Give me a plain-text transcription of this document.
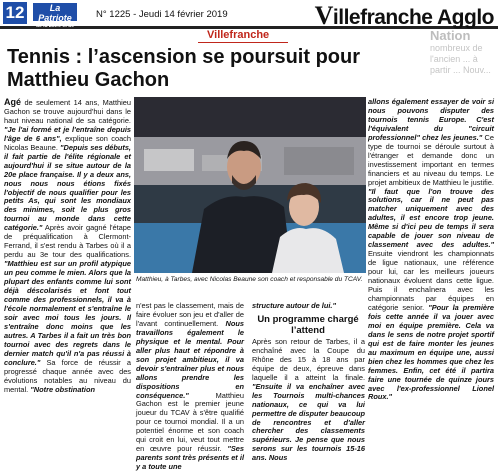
12	La Patriote
de la Loire et de l'Allier
N° 1225 - Jeudi 14 février 2019	Villefranche Agglo
Villefranche
Tennis : l’ascension se poursuit pour Matthieu Gachon
Nation
nombreux de l'ancien ... à partir ... Nouv...

Agé de seulement 14 ans, Matthieu Gachon se trouve aujourd'hui dans le haut niveau national de sa catégorie. "Je l'ai formé et je l'entraîne depuis l'âge de 6 ans", explique son coach Nicolas Beaune. "Depuis ses débuts, il fait partie de l'élite régionale et aujourd'hui il se situe autour de la 20e place française. Il y a deux ans, nous nous nous étions fixés l'objectif de nous qualifier pour les petits As, qui sont les mondiaux des minimes, soit le plus gros tournoi au monde dans cette catégorie." Après avoir gagné l'étape de préqualification à Clermont-Ferrand, il s'est rendu à Tarbes où il a perdu au 3e tour des qualifications. "Matthieu est sur un profil atypique un peu comme le mien. Alors que la plupart des enfants comme lui sont déjà déscolarisés et font tout comme des professionnels, il va à l'école normalement et s'entraîne le soir avec moi tous les jours. Il s'entraîne donc moins que les autres. A Tarbes il a fait un très bon tournoi avec des regrets dans le dernier match qu'il n'a pas réussi à conclure." Sa force de réussir a progressé chaque année avec des évolutions notables au niveau du mental. "Notre obstination

Matthieu, à Tarbes, avec Nicolas Beaune son coach et responsable du TCAV.

n'est pas le classement, mais de faire évoluer son jeu et d'aller de l'avant continuellement. Nous travaillons également le physique et le mental. Pour aller plus haut et répondre à son projet ambitieux, il va devoir s'entraîner plus et nous allons prendre les dispositions en conséquence." Matthieu Gachon est le premier jeune joueur du TCAV à s'être qualifié pour ce tournoi mondial. Il a un potentiel énorme et son coach qui croit en lui, veut tout mettre en œuvre pour réussir. "Ses parents sont très présents et il y a toute une

structure autour de lui."

Après son retour de Tarbes, il a enchaîné avec la Coupe du Rhône des 15 à 18 ans par équipe de deux, épreuve dans laquelle il a atteint la finale. "Ensuite il va enchaîner avec les Tournois multi-chances nationaux, ce qui va lui permettre de disputer beaucoup de rencontres et d'aller chercher des classements supérieurs. Je pense que nous serons sur les tournois 15-16 ans. Nous

Un programme chargé l’attend

allons également essayer de voir si nous pouvons disputer des tournois tennis Europe. C'est l'équivalent du "circuit professionnel" chez les jeunes." Ce type de tournoi se déroule surtout à l'étranger et demande donc un investissement important en termes financiers et au niveau du temps. Le projet ambitieux de Matthieu le justifie. "Il faut que l'on trouve des solutions, car il ne peut pas matcher uniquement avec des adultes, il est encore trop jeune. Même si d'ici peu de temps il sera capable de jouer son niveau de classement avec des adultes." Ensuite viendront les championnats de ligue nationaux, une référence pour lui, car les meilleurs joueurs nationaux évoluent dans cette ligue. Puis il enchaînera avec les championnats par équipes en catégorie senior. "Pour la première fois cette année il va jouer avec moi en équipe première. Cela va dans le sens de notre projet sportif qui est de faire monter les jeunes au maximum en équipe une, aussi bien chez les hommes que chez les femmes. Enfin, cet été il partira faire une tournée de quinze jours avec l'ex-professionnel Lionel Roux."
